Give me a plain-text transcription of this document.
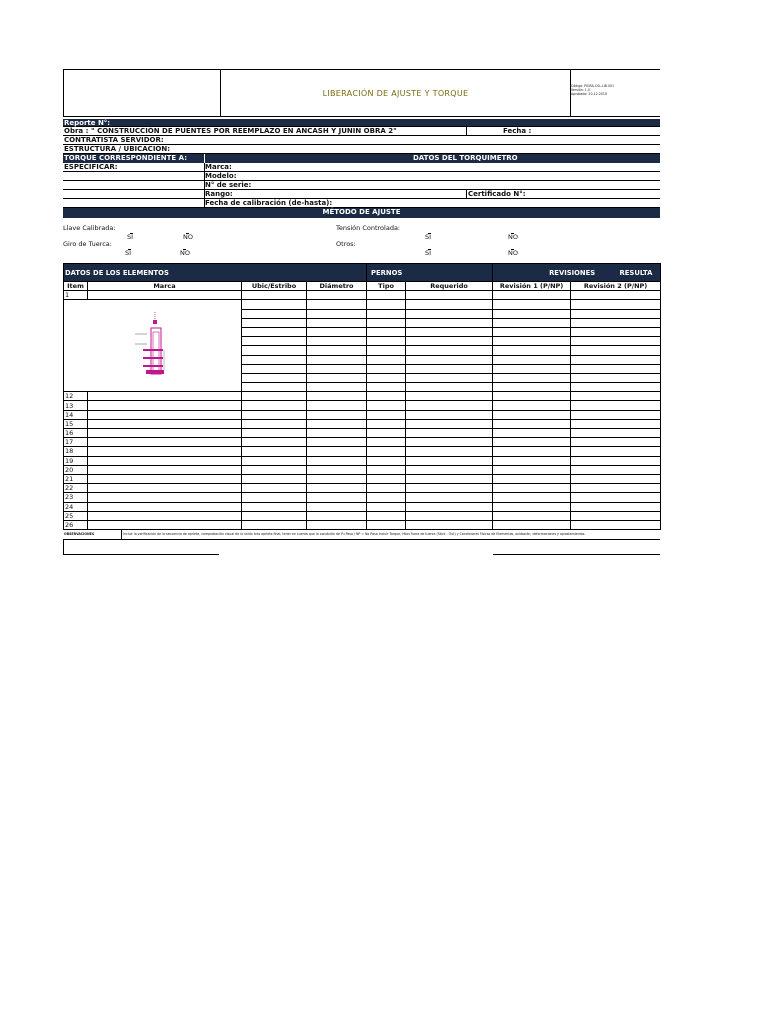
LIBERACIÓN DE AJUSTE Y TORQUE
Código: PIGRA-CSL-LIB-001
Versión: 1.0
Aprobado: 20-12-2019
Reporte N°:
Obra : " CONSTRUCCIÓN DE PUENTES POR REEMPLAZO EN ANCASH Y JUNIN OBRA 2"	Fecha :
CONTRATISTA SERVIDOR:
ESTRUCTURA / UBICACIÓN:
TORQUE CORRESPONDIENTE A:	DATOS DEL TORQUIMETRO
ESPECIFICAR:	Marca:
Modelo:
N° de serie:
Rango:	Certificado N°:
Fecha de calibración (de-hasta):
MÉTODO DE AJUSTE
Llave Calibrada:
SI	NO
Giro de Tuerca:
SI	NO
Tensión Controlada:
SI	NO
Otros:
SI	NO
DATOS DE LOS ELEMENTOS				PERNOS		REVISIONES RESULTA	
Item	Marca	Ubic/Estribo	Diámetro	Tipo	Requerido	Revisión 1 (P/NP)	Revisión 2 (P/NP)
1							

12							
13							
14							
15							
16							
17							
18							
19							
20							
21							
22							
23							
24							
25							
26							
OBSERVACIONES	Incluir la verificación de la secuencia de apriete, comprobación visual de la unión tras apriete final, tener en cuenta que la condición de P=Pasa / NP = No Pasa incluir Torque, Hilos fuera de tuerca (Stick - Out) y Condiciones Fisicas de Elementos, oxidación, deformaciones y aplastamientos.
